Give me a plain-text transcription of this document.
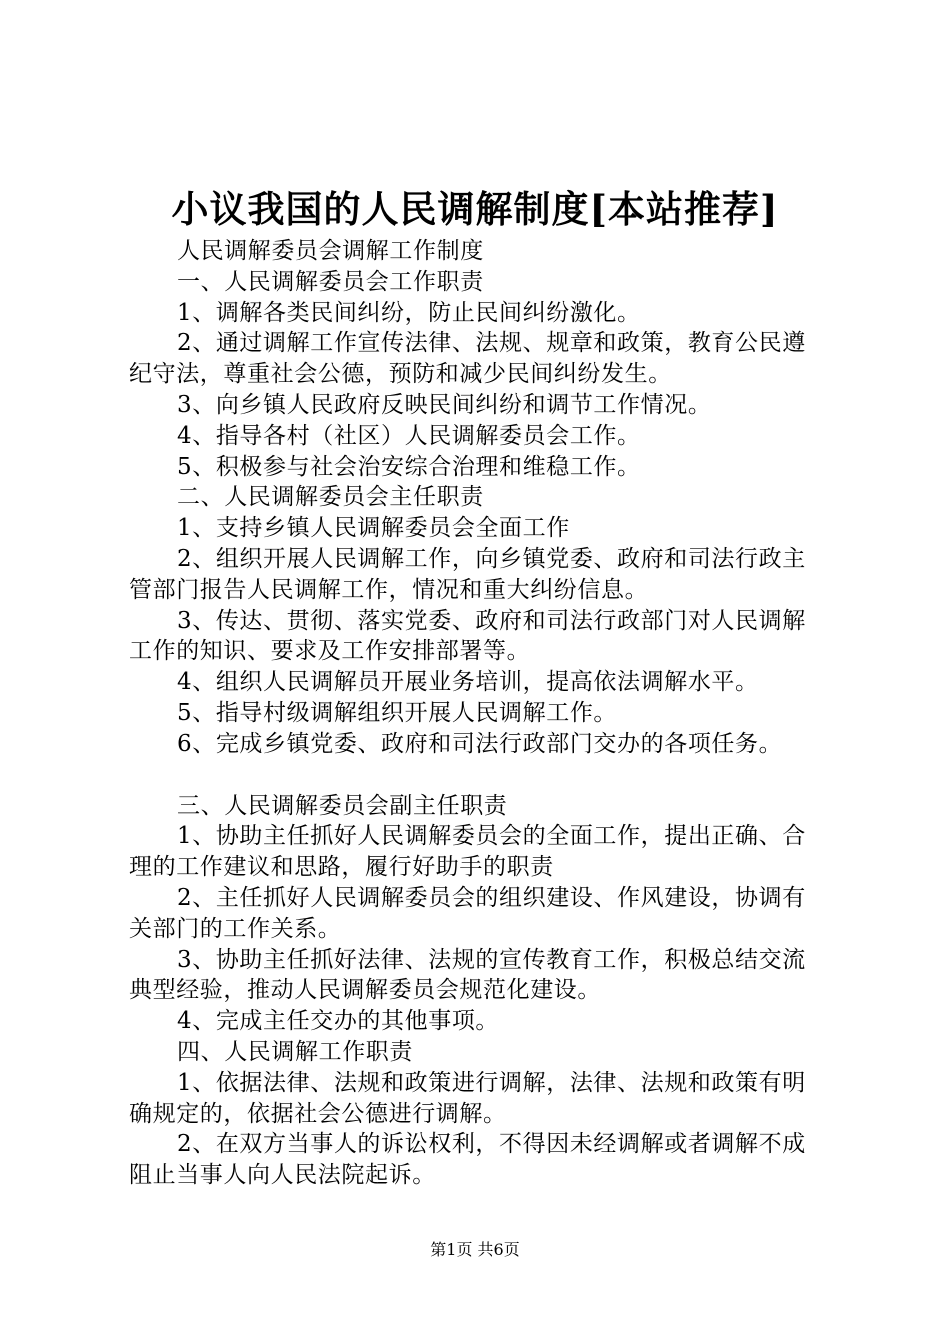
小议我国的人民调解制度[本站推荐]

人民调解委员会调解工作制度

一、人民调解委员会工作职责

1、调解各类民间纠纷，防止民间纠纷激化。

2、通过调解工作宣传法律、法规、规章和政策，教育公民遵纪守法，尊重社会公德，预防和减少民间纠纷发生。

3、向乡镇人民政府反映民间纠纷和调节工作情况。

4、指导各村（社区）人民调解委员会工作。

5、积极参与社会治安综合治理和维稳工作。

二、人民调解委员会主任职责

1、支持乡镇人民调解委员会全面工作

2、组织开展人民调解工作，向乡镇党委、政府和司法行政主管部门报告人民调解工作，情况和重大纠纷信息。

3、传达、贯彻、落实党委、政府和司法行政部门对人民调解工作的知识、要求及工作安排部署等。

4、组织人民调解员开展业务培训，提高依法调解水平。

5、指导村级调解组织开展人民调解工作。

6、完成乡镇党委、政府和司法行政部门交办的各项任务。

三、人民调解委员会副主任职责

1、协助主任抓好人民调解委员会的全面工作，提出正确、合理的工作建议和思路，履行好助手的职责

2、主任抓好人民调解委员会的组织建设、作风建设，协调有关部门的工作关系。

3、协助主任抓好法律、法规的宣传教育工作，积极总结交流典型经验，推动人民调解委员会规范化建设。

4、完成主任交办的其他事项。

四、人民调解工作职责

1、依据法律、法规和政策进行调解，法律、法规和政策有明确规定的，依据社会公德进行调解。

2、在双方当事人的诉讼权利，不得因未经调解或者调解不成阻止当事人向人民法院起诉。

第1页 共6页
